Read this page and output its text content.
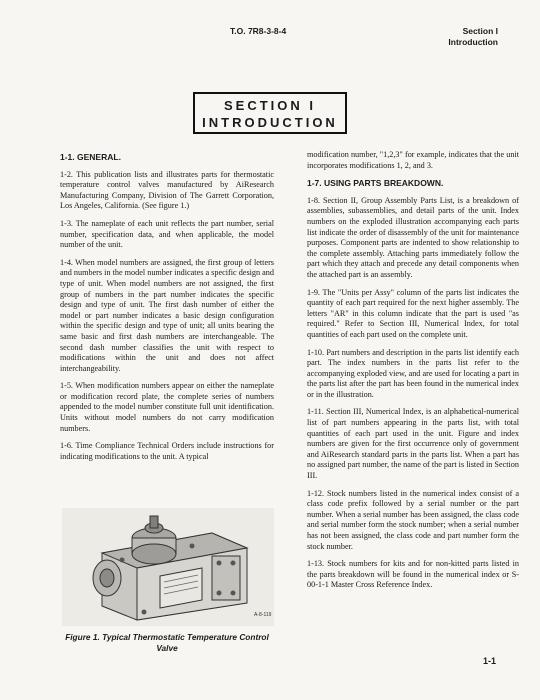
T.O. 7R8-3-8-4	Section I
Introduction
SECTION I
INTRODUCTION
1-1. GENERAL.

1-2. This publication lists and illustrates parts for thermostatic temperature control valves manufactured by AiResearch Manufacturing Company, Division of The Garrett Corporation, Los Angeles, California. (See figure 1.)

1-3. The nameplate of each unit reflects the part number, serial number, specification data, and when applicable, the model number of the unit.

1-4. When model numbers are assigned, the first group of letters and numbers in the model number indicates a specific design and type of unit. When model numbers are not assigned, the first group of numbers in the part number indicates the specific design and type of unit. The first dash number of either the model or part number indicates a basic design configuration within the specific design and type of unit; all units bearing the same basic and first dash numbers are interchangeable. The second dash number classifies the unit with respect to modifications within the unit and does not affect interchangeability.

1-5. When modification numbers appear on either the nameplate or modification record plate, the complete series of numbers appended to the model number constitute full unit identification. Units without model numbers do not carry modification numbers.

1-6. Time Compliance Technical Orders include instructions for indicating modifications to the unit. A typical

A-8-119
Figure 1. Typical Thermostatic Temperature Control Valve

modification number, "1,2,3" for example, indicates that the unit incorporates modifications 1, 2, and 3.

1-7. USING PARTS BREAKDOWN.

1-8. Section II, Group Assembly Parts List, is a breakdown of assemblies, subassemblies, and detail parts of the unit. Index numbers on the exploded illustration accompanying each parts list indicate the order of disassembly of the unit for maintenance purposes. Component parts are indented to show relationship to the complete assembly. Attaching parts immediately follow the part which they attach and precede any detail components when the attached part is an assembly.

1-9. The "Units per Assy" column of the parts list indicates the quantity of each part required for the next higher assembly. The letters "AR" in this column indicate that the part is used "as required." Refer to Section III, Numerical Index, for total quantities of each part used on the complete unit.

1-10. Part numbers and description in the parts list identify each part. The index numbers in the parts list refer to the accompanying exploded view, and are used for locating a part in the parts list after the part has been found in the numerical index or in the illustration.

1-11. Section III, Numerical Index, is an alphabetical-numerical list of part numbers appearing in the parts list, with total quantities of each part used in the unit. Figure and index numbers are given for the first occurrence only of government and AiResearch standard parts in the parts list. When a part has no assigned part number, the name of the part is listed in Section III.

1-12. Stock numbers listed in the numerical index consist of a class code prefix followed by a serial number or the part number. When a serial number has been assigned, the class code and serial number form the stock number; when a serial number has not been assigned, the class code and part number form the stock number.

1-13. Stock numbers for kits and for non-kitted parts listed in the parts breakdown will be found in the numerical index or S-00-1-1 Master Cross Reference Index.

1-1
